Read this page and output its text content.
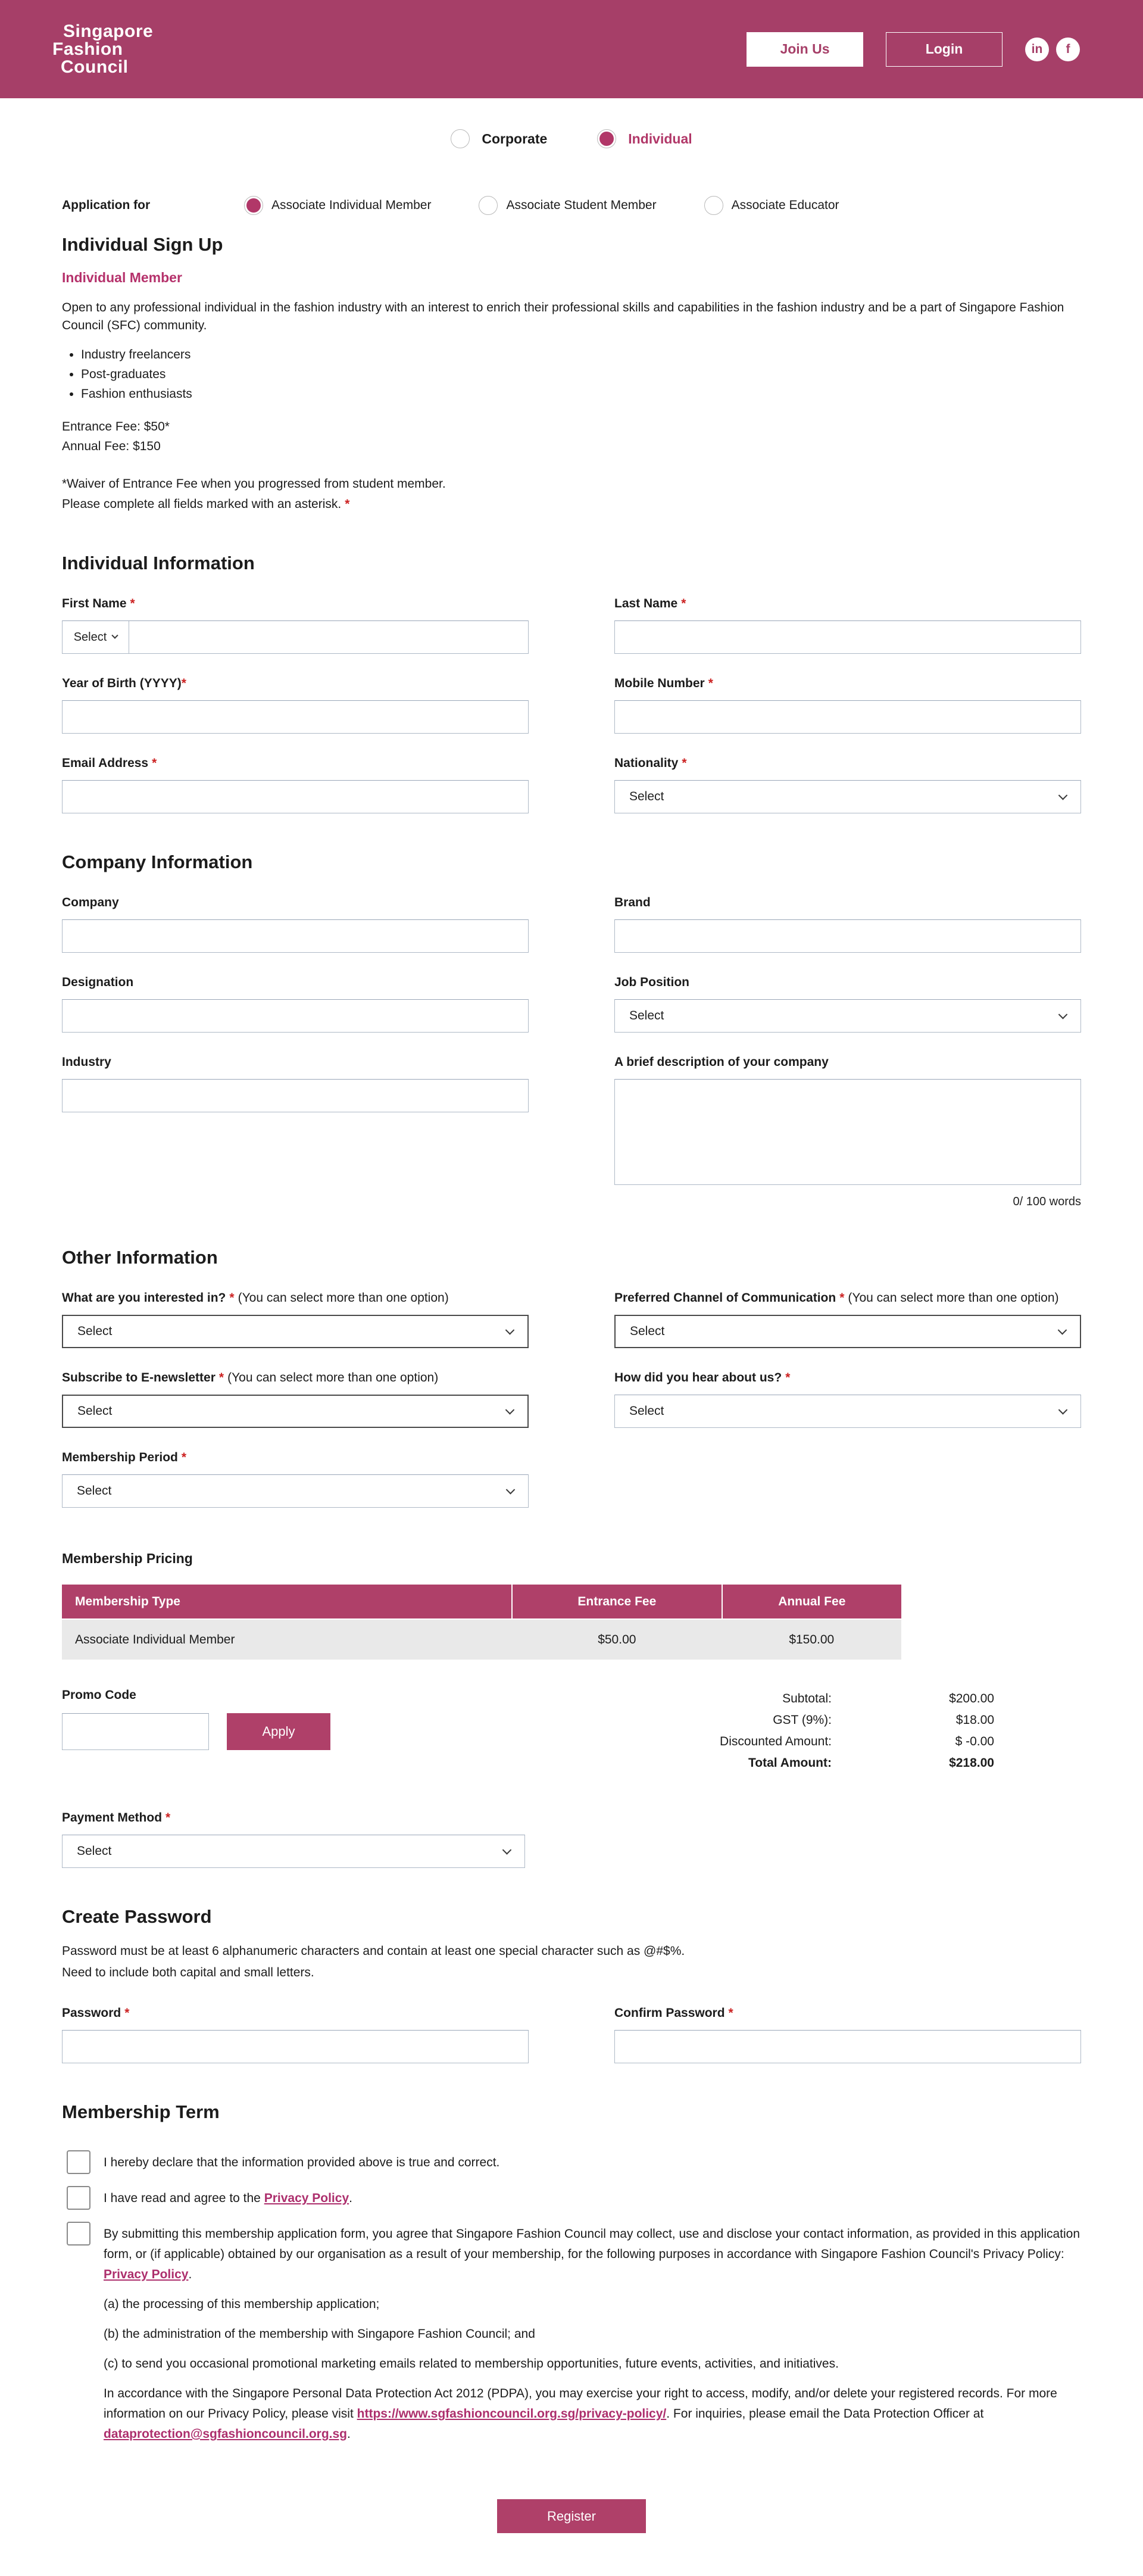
Singapore
Fashion
Council
Join Us	Login	in	f
Corporate	Individual
Application for	Associate Individual Member	Associate Student Member	Associate Educator
Individual Sign Up
Individual Member
Open to any professional individual in the fashion industry with an interest to enrich their professional skills and capabilities in the fashion industry and be a part of Singapore Fashion Council (SFC) community.
• Industry freelancers
• Post-graduates
• Fashion enthusiasts
Entrance Fee: $50*
Annual Fee: $150
*Waiver of Entrance Fee when you progressed from student member.
Please complete all fields marked with an asterisk. *
Individual Information
First Name *
Select
Last Name *
Year of Birth (YYYY)*	Mobile Number *
Email Address *	Nationality *
Select
Company Information
Company	Brand
Designation	Job Position
Select
Industry	A brief description of your company
0/ 100 words
Other Information
What are you interested in? * (You can select more than one option)
Select
Preferred Channel of Communication * (You can select more than one option)
Select
Subscribe to E-newsletter * (You can select more than one option)
Select
How did you hear about us? *
Select
Membership Period *
Select
Membership Pricing
Membership Type	Entrance Fee	Annual Fee
Associate Individual Member	$50.00	$150.00
Promo Code
Apply
Subtotal:	$200.00
GST (9%):	$18.00
Discounted Amount:	$ -0.00
Total Amount:	$218.00
Payment Method *
Select
Create Password
Password must be at least 6 alphanumeric characters and contain at least one special character such as @#$%.
Need to include both capital and small letters.
Password *	Confirm Password *
Membership Term
I hereby declare that the information provided above is true and correct.
I have read and agree to the Privacy Policy.
By submitting this membership application form, you agree that Singapore Fashion Council may collect, use and disclose your contact information, as provided in this application form, or (if applicable) obtained by our organisation as a result of your membership, for the following purposes in accordance with Singapore Fashion Council's Privacy Policy: Privacy Policy.
(a) the processing of this membership application;
(b) the administration of the membership with Singapore Fashion Council; and
(c) to send you occasional promotional marketing emails related to membership opportunities, future events, activities, and initiatives.
In accordance with the Singapore Personal Data Protection Act 2012 (PDPA), you may exercise your right to access, modify, and/or delete your registered records. For more information on our Privacy Policy, please visit https://www.sgfashioncouncil.org.sg/privacy-policy/. For inquiries, please email the Data Protection Officer at dataprotection@sgfashioncouncil.org.sg.
Register
